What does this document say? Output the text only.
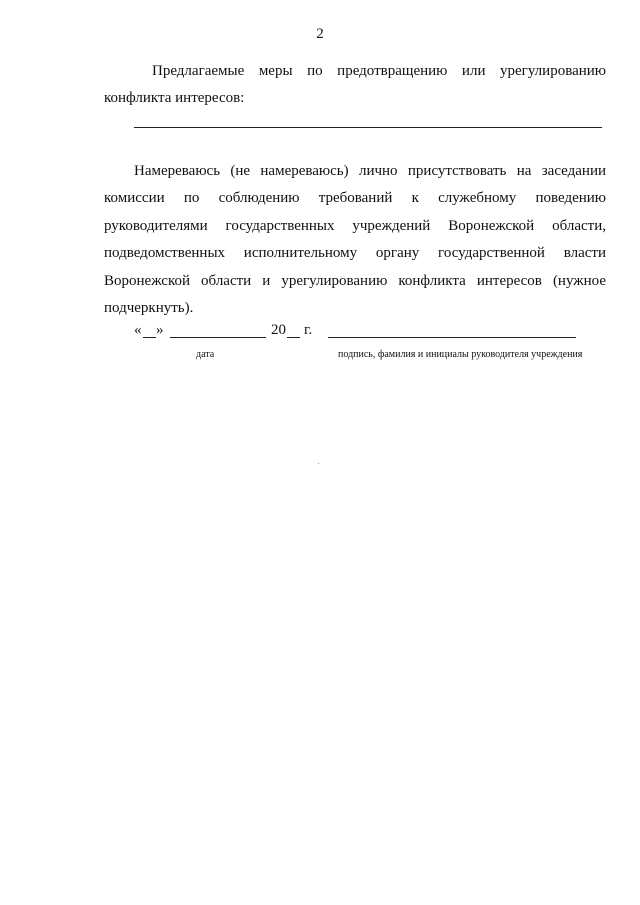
2

Предлагаемые меры по предотвращению или урегулированию конфликта интересов:

Намереваюсь (не намереваюсь) лично присутствовать на заседании комиссии по соблюдению требований к служебному поведению руководителями государственных учреждений Воронежской области, подведомственных исполнительному органу государственной власти Воронежской области и урегулированию конфликта интересов (нужное подчеркнуть).

« »	20 г.
дата	подпись, фамилия и инициалы руководителя учреждения
